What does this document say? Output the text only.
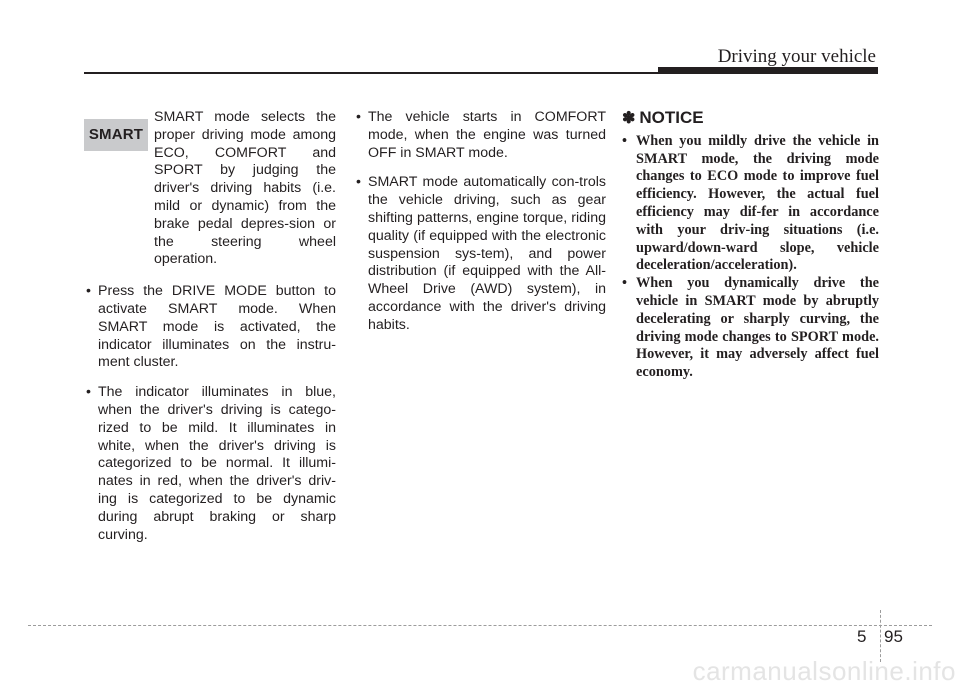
Driving your vehicle
SMART
SMART mode selects the proper driving mode among ECO, COMFORT and SPORT by judging the driver's driving habits (i.e. mild or dynamic) from the brake pedal depres-sion or the steering wheel operation.
• Press the DRIVE MODE button to activate SMART mode. When SMART mode is activated, the indicator illuminates on the instru-ment cluster.
• The indicator illuminates in blue, when the driver's driving is catego-rized to be mild. It illuminates in white, when the driver's driving is categorized to be normal. It illumi-nates in red, when the driver's driv-ing is categorized to be dynamic during abrupt braking or sharp curving.
• The vehicle starts in COMFORT mode, when the engine was turned OFF in SMART mode.
• SMART mode automatically con-trols the vehicle driving, such as gear shifting patterns, engine torque, riding quality (if equipped with the electronic suspension sys-tem), and power distribution (if equipped with the All-Wheel Drive (AWD) system), in accordance with the driver's driving habits.
✽ NOTICE
• When you mildly drive the vehicle in SMART mode, the driving mode changes to ECO mode to improve fuel efficiency. However, the actual fuel efficiency may dif-fer in accordance with your driv-ing situations (i.e. upward/down-ward slope, vehicle deceleration/acceleration).
• When you dynamically drive the vehicle in SMART mode by abruptly decelerating or sharply curving, the driving mode changes to SPORT mode. However, it may adversely affect fuel economy.
5 95
carmanualsonline.info
